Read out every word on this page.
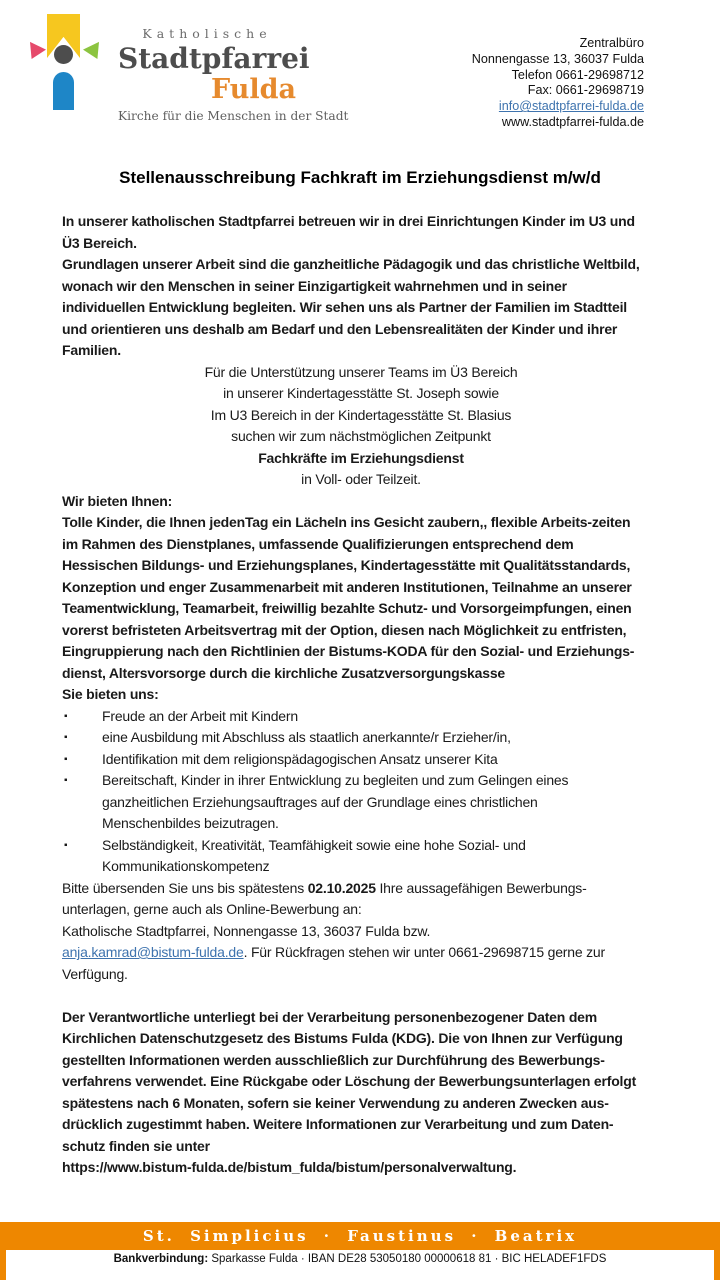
Katholische
Stadtpfarrei
Fulda
Kirche für die Menschen in der Stadt
Zentralbüro
Nonnengasse 13, 36037 Fulda
Telefon 0661-29698712
Fax: 0661-29698719
info@stadtpfarrei-fulda.de
www.stadtpfarrei-fulda.de
Stellenausschreibung Fachkraft im Erziehungsdienst m/w/d
In unserer katholischen Stadtpfarrei betreuen wir in drei Einrichtungen Kinder im U3 und
Ü3 Bereich.
Grundlagen unserer Arbeit sind die ganzheitliche Pädagogik und das christliche Weltbild,
wonach wir den Menschen in seiner Einzigartigkeit wahrnehmen und in seiner
individuellen Entwicklung begleiten. Wir sehen uns als Partner der Familien im Stadtteil
und orientieren uns deshalb am Bedarf und den Lebensrealitäten der Kinder und ihrer
Familien.
Für die Unterstützung unserer Teams im Ü3 Bereich
in unserer Kindertagesstätte St. Joseph sowie
Im U3 Bereich in der Kindertagesstätte St. Blasius
suchen wir zum nächstmöglichen Zeitpunkt
Fachkräfte im Erziehungsdienst
in Voll- oder Teilzeit.
Wir bieten Ihnen:
Tolle Kinder, die Ihnen jedenTag ein Lächeln ins Gesicht zaubern,, flexible Arbeits-zeiten
im Rahmen des Dienstplanes, umfassende Qualifizierungen entsprechend dem
Hessischen Bildungs- und Erziehungsplanes, Kindertagesstätte mit Qualitätsstandards,
Konzeption und enger Zusammenarbeit mit anderen Institutionen, Teilnahme an unserer
Teamentwicklung, Teamarbeit, freiwillig bezahlte Schutz- und Vorsorgeimpfungen, einen
vorerst befristeten Arbeitsvertrag mit der Option, diesen nach Möglichkeit zu entfristen,
Eingruppierung nach den Richtlinien der Bistums-KODA für den Sozial- und Erziehungs-
dienst, Altersvorsorge durch die kirchliche Zusatzversorgungskasse
Sie bieten uns:
▪	Freude an der Arbeit mit Kindern
▪	eine Ausbildung mit Abschluss als staatlich anerkannte/r Erzieher/in,
▪	Identifikation mit dem religionspädagogischen Ansatz unserer Kita
▪	Bereitschaft, Kinder in ihrer Entwicklung zu begleiten und zum Gelingen eines
ganzheitlichen Erziehungsauftrages auf der Grundlage eines christlichen
Menschenbildes beizutragen.
▪	Selbständigkeit, Kreativität, Teamfähigkeit sowie eine hohe Sozial- und
Kommunikationskompetenz
Bitte übersenden Sie uns bis spätestens 02.10.2025 Ihre aussagefähigen Bewerbungs-
unterlagen, gerne auch als Online-Bewerbung an:
Katholische Stadtpfarrei, Nonnengasse 13, 36037 Fulda bzw.
anja.kamrad@bistum-fulda.de. Für Rückfragen stehen wir unter 0661-29698715 gerne zur
Verfügung.
Der Verantwortliche unterliegt bei der Verarbeitung personenbezogener Daten dem
Kirchlichen Datenschutzgesetz des Bistums Fulda (KDG). Die von Ihnen zur Verfügung
gestellten Informationen werden ausschließlich zur Durchführung des Bewerbungs-
verfahrens verwendet. Eine Rückgabe oder Löschung der Bewerbungsunterlagen erfolgt
spätestens nach 6 Monaten, sofern sie keiner Verwendung zu anderen Zwecken aus-
drücklich zugestimmt haben. Weitere Informationen zur Verarbeitung und zum Daten-
schutz finden sie unter
https://www.bistum-fulda.de/bistum_fulda/bistum/personalverwaltung.
St. Simplicius · Faustinus · Beatrix
Bankverbindung: Sparkasse Fulda · IBAN DE28 53050180 00000618 81 · BIC HELADEF1FDS
